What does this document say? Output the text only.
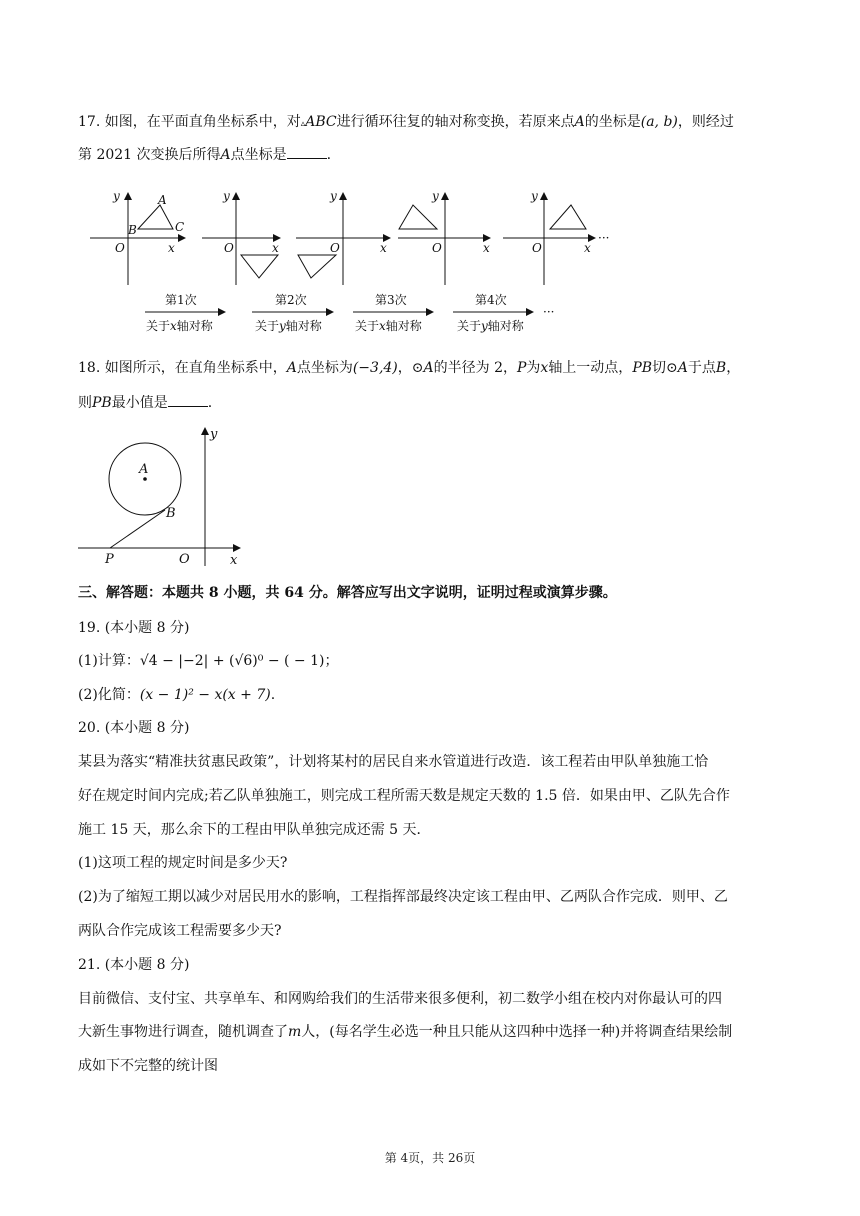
17. 如图，在平面直角坐标系中，对▵ABC进行循环往复的轴对称变换，若原来点A的坐标是(a, b)，则经过
第 2021 次变换后所得A点坐标是	.
y
x
O
A
B	C
y
x
O
y
x
O
y
x
O
y
x
O
···
···
第1次
关于x轴对称
第2次
关于y轴对称
第3次
关于x轴对称
第4次
关于y轴对称
18. 如图所示，在直角坐标系中，A点坐标为(−3,4)，⊙A的半径为 2，P为x轴上一动点，PB切⊙A于点B，
则PB最小值是	.
y
x
A
B
P	O
三、解答题：本题共 8 小题，共 64 分。解答应写出文字说明，证明过程或演算步骤。
19. (本小题 8 分)
(1)计算：√4 − |−2| + (√6)⁰ − ( − 1)；
(2)化简：(x − 1)² − x(x + 7).
20. (本小题 8 分)
某县为落实“精准扶贫惠民政策”，计划将某村的居民自来水管道进行改造．该工程若由甲队单独施工恰
好在规定时间内完成;若乙队单独施工，则完成工程所需天数是规定天数的 1.5 倍．如果由甲、乙队先合作
施工 15 天，那么余下的工程由甲队单独完成还需 5 天．
(1)这项工程的规定时间是多少天?
(2)为了缩短工期以减少对居民用水的影响，工程指挥部最终决定该工程由甲、乙两队合作完成．则甲、乙
两队合作完成该工程需要多少天?
21. (本小题 8 分)
目前微信、支付宝、共享单车、和网购给我们的生活带来很多便利，初二数学小组在校内对你最认可的四
大新生事物进行调查，随机调查了m人，(每名学生必选一种且只能从这四种中选择一种)并将调查结果绘制
成如下不完整的统计图
第 4页，共 26页
